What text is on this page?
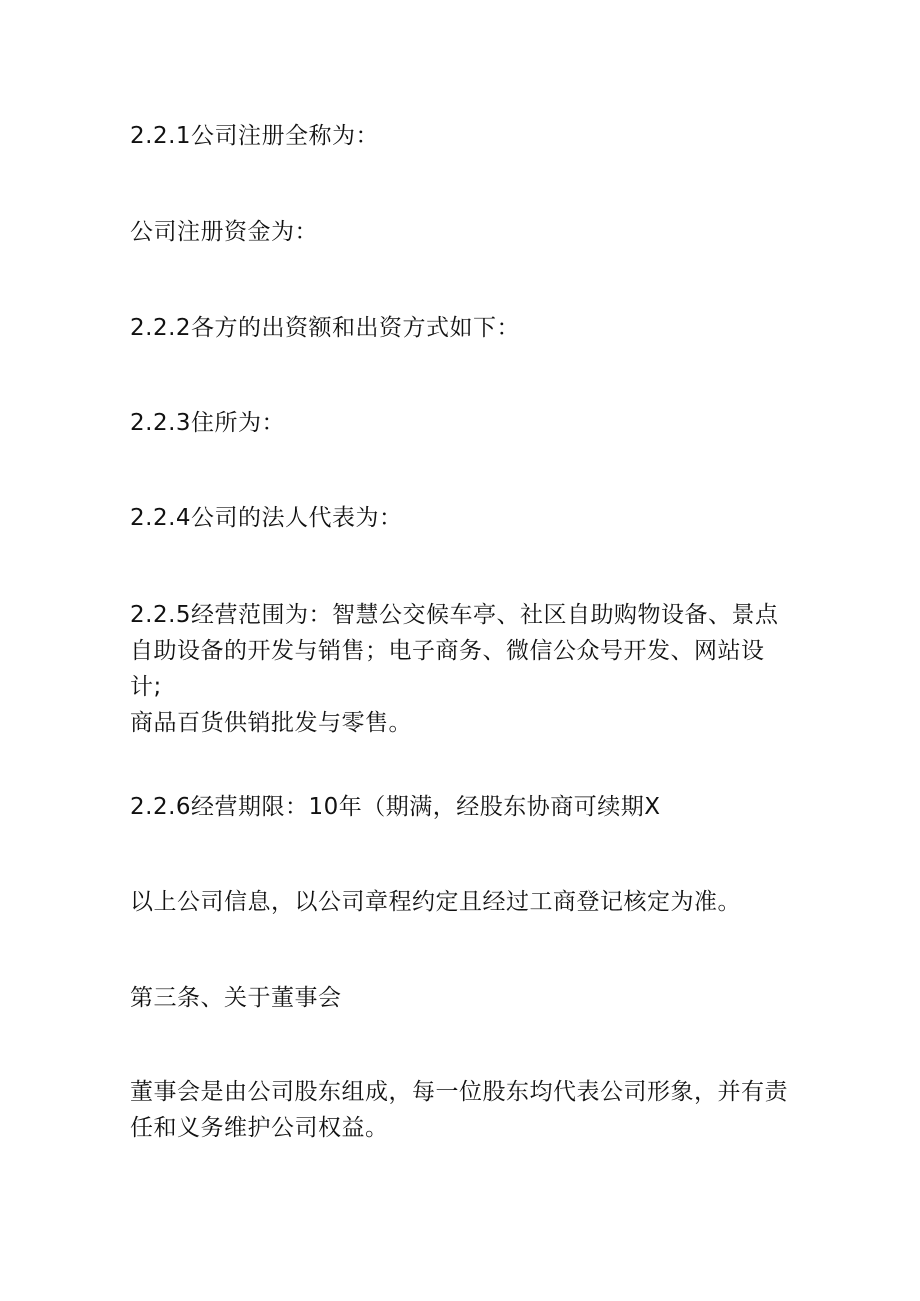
2.2.1公司注册全称为：

公司注册资金为：

2.2.2各方的出资额和出资方式如下：

2.2.3住所为：

2.2.4公司的法人代表为：

2.2.5经营范围为：智慧公交候车亭、社区自助购物设备、景点
自助设备的开发与销售；电子商务、微信公众号开发、网站设计;
商品百货供销批发与零售。

2.2.6经营期限：10年（期满，经股东协商可续期X

以上公司信息，以公司章程约定且经过工商登记核定为准。

第三条、关于董事会

董事会是由公司股东组成，每一位股东均代表公司形象，并有责
任和义务维护公司权益。
